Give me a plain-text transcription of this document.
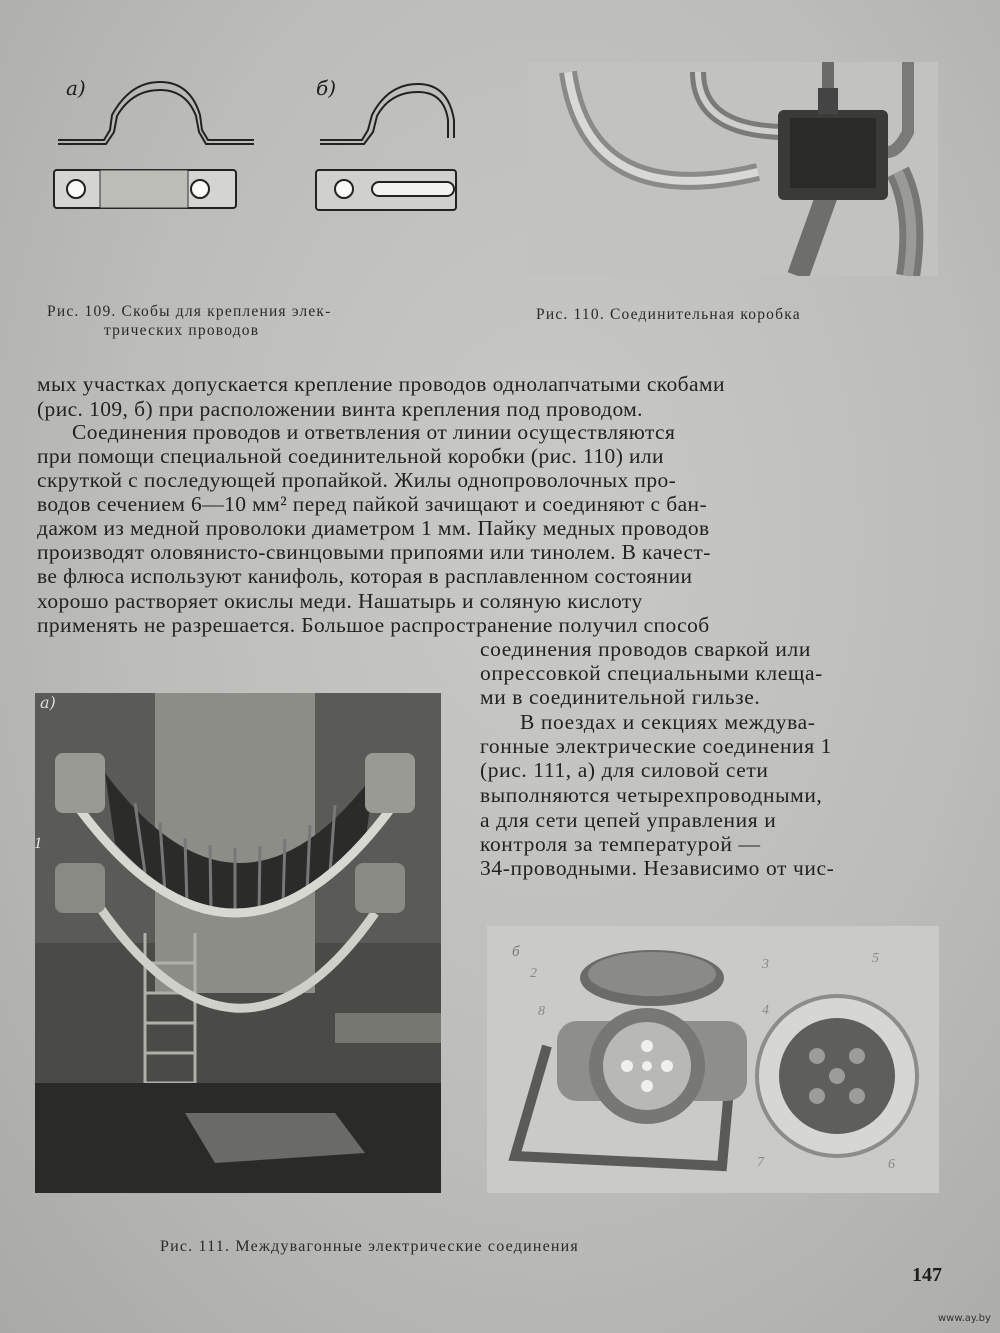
а)	б)
Рис. 109. Скобы для крепления элек-
трических проводов
Рис. 110. Соединительная коробка
мых участках допускается крепление проводов однолапчатыми скобами
(рис. 109, б) при расположении винта крепления под проводом.
Соединения проводов и ответвления от линии осуществляются
при помощи специальной соединительной коробки (рис. 110) или
скруткой с последующей пропайкой. Жилы однопроволочных про-
водов сечением 6—10 мм² перед пайкой зачищают и соединяют с бан-
дажом из медной проволоки диаметром 1 мм. Пайку медных проводов
производят оловянисто-свинцовыми припоями или тинолем. В качест-
ве флюса используют канифоль, которая в расплавленном состоянии
хорошо растворяет окислы меди. Нашатырь и соляную кислоту
применять не разрешается. Большое распространение получил способ
соединения проводов сваркой или
опрессовкой специальными клеща-
ми в соединительной гильзе.
В поездах и секциях междува-
гонные электрические соединения 1
(рис. 111, а) для силовой сети
выполняются четырехпроводными,
а для сети цепей управления и
контроля за температурой —
34-проводными. Независимо от чис-
а)
1
б
2
3
4
5
8
7	6
Рис. 111. Междувагонные электрические соединения
147
www.ay.by
